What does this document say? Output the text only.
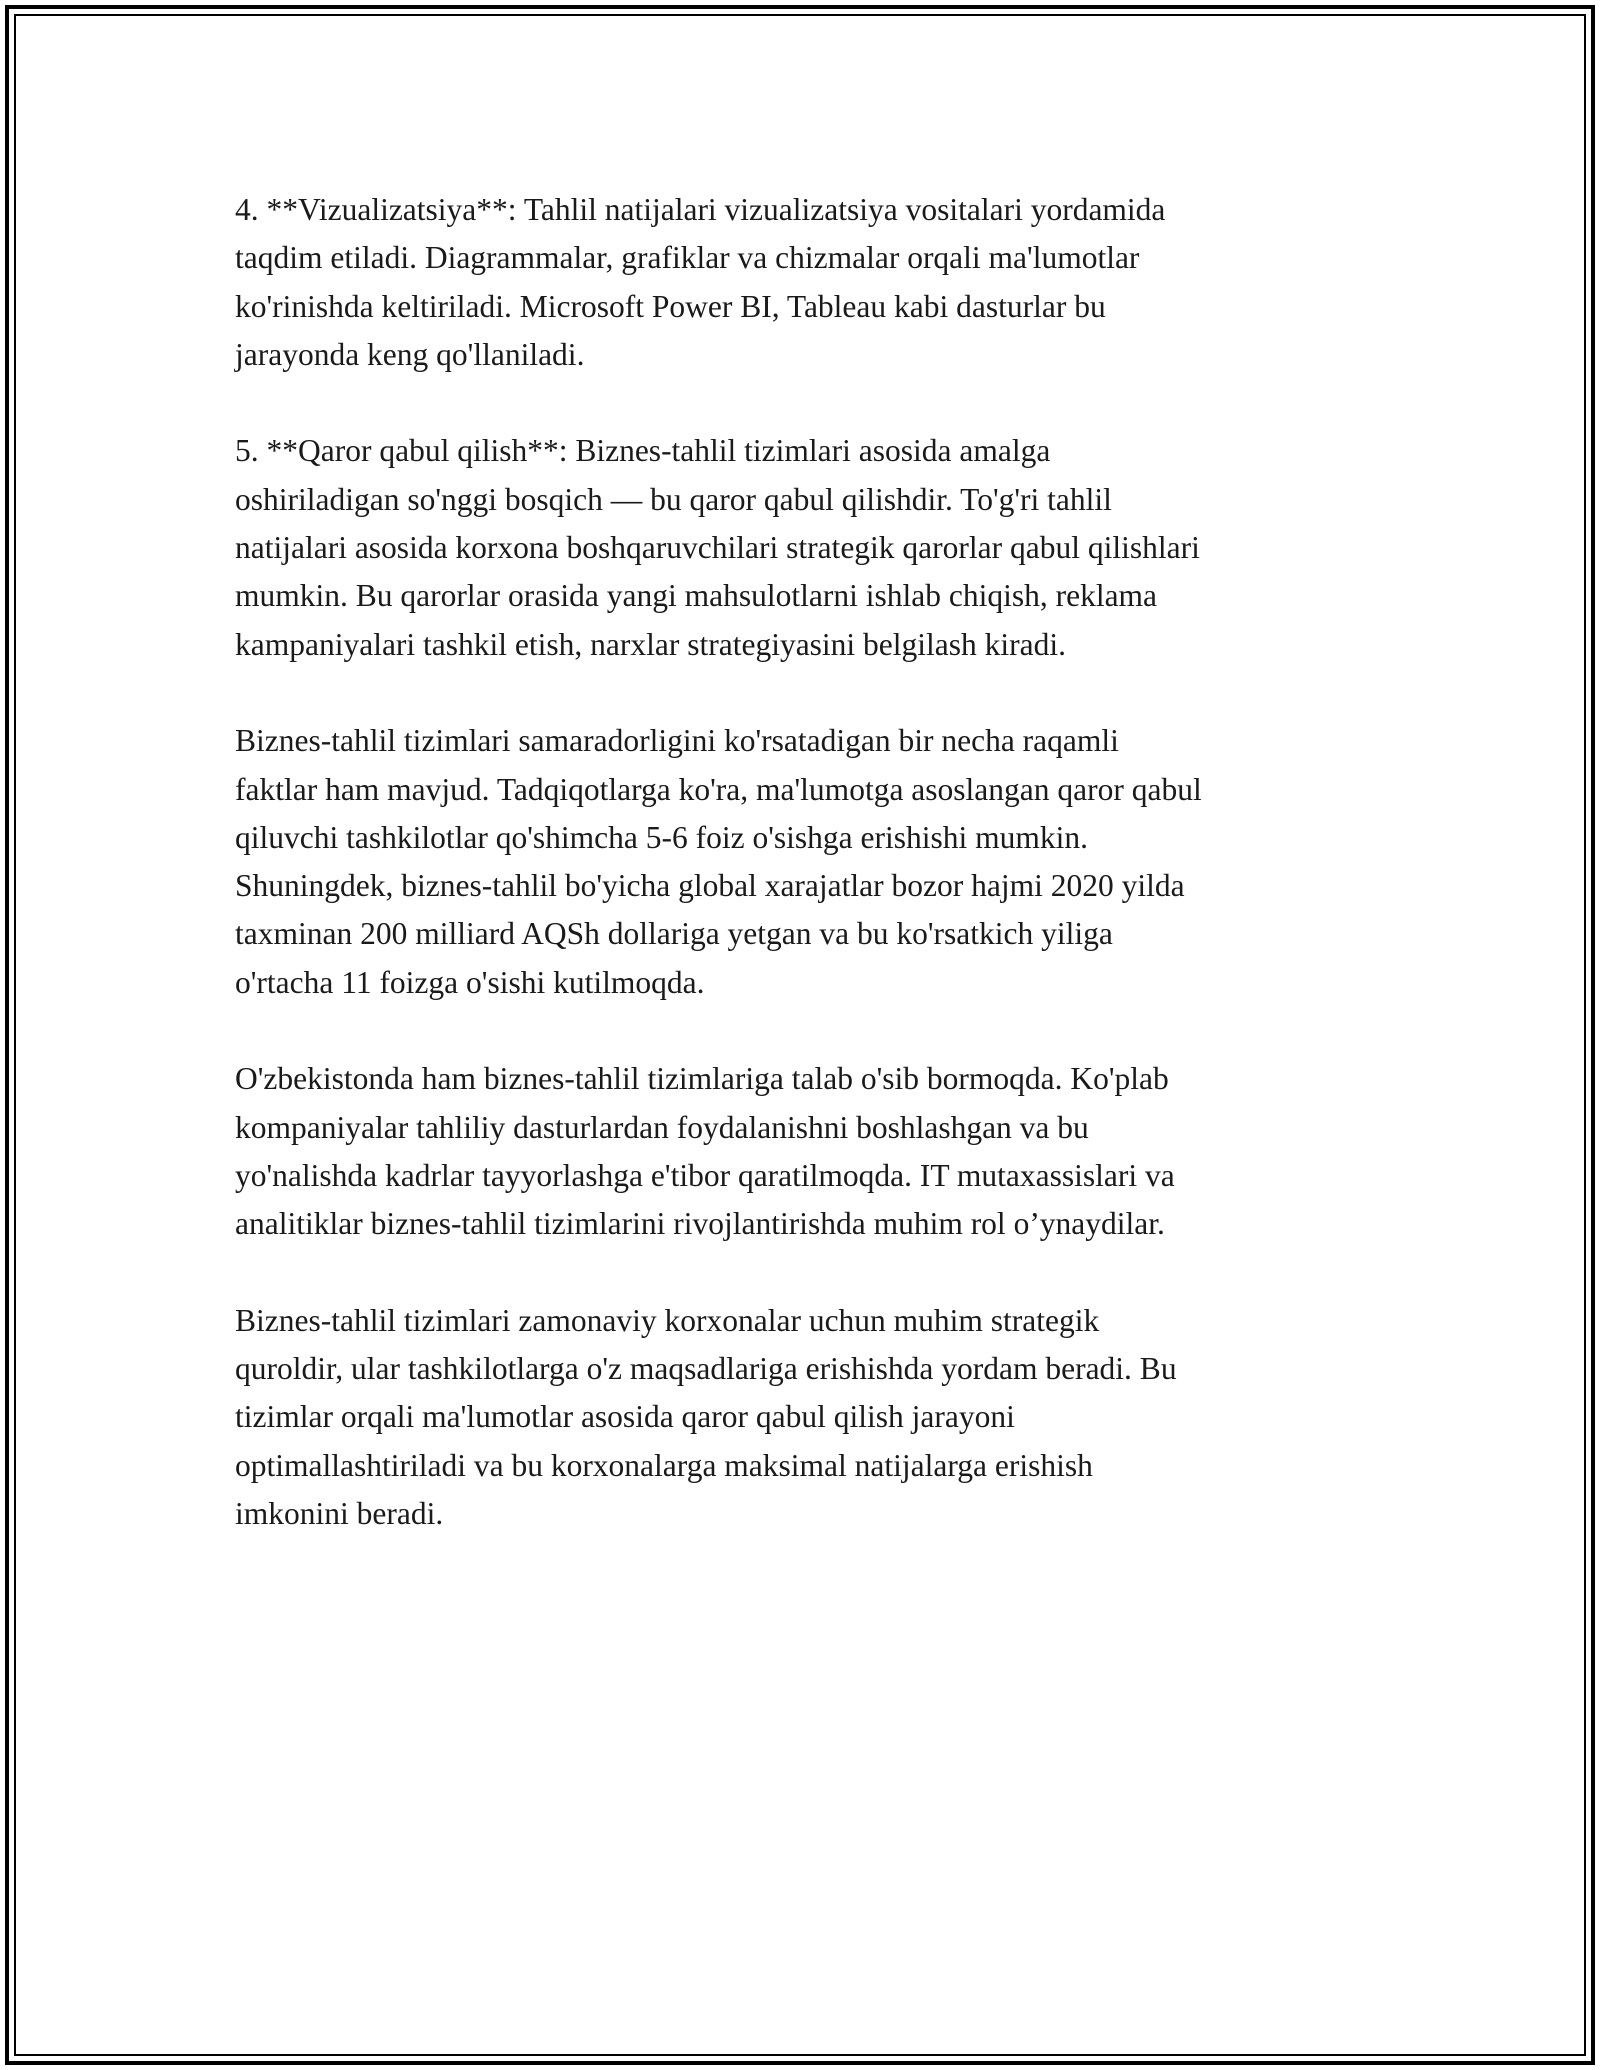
4. **Vizualizatsiya**: Tahlil natijalari vizualizatsiya vositalari yordamida
taqdim etiladi. Diagrammalar, grafiklar va chizmalar orqali ma'lumotlar
ko'rinishda keltiriladi. Microsoft Power BI, Tableau kabi dasturlar bu
jarayonda keng qo'llaniladi.

5. **Qaror qabul qilish**: Biznes-tahlil tizimlari asosida amalga
oshiriladigan so'nggi bosqich — bu qaror qabul qilishdir. To'g'ri tahlil
natijalari asosida korxona boshqaruvchilari strategik qarorlar qabul qilishlari
mumkin. Bu qarorlar orasida yangi mahsulotlarni ishlab chiqish, reklama
kampaniyalari tashkil etish, narxlar strategiyasini belgilash kiradi.

Biznes-tahlil tizimlari samaradorligini ko'rsatadigan bir necha raqamli
faktlar ham mavjud. Tadqiqotlarga ko'ra, ma'lumotga asoslangan qaror qabul
qiluvchi tashkilotlar qo'shimcha 5-6 foiz o'sishga erishishi mumkin.
Shuningdek, biznes-tahlil bo'yicha global xarajatlar bozor hajmi 2020 yilda
taxminan 200 milliard AQSh dollariga yetgan va bu ko'rsatkich yiliga
o'rtacha 11 foizga o'sishi kutilmoqda.

O'zbekistonda ham biznes-tahlil tizimlariga talab o'sib bormoqda. Ko'plab
kompaniyalar tahliliy dasturlardan foydalanishni boshlashgan va bu
yo'nalishda kadrlar tayyorlashga e'tibor qaratilmoqda. IT mutaxassislari va
analitiklar biznes-tahlil tizimlarini rivojlantirishda muhim rol o’ynaydilar.

Biznes-tahlil tizimlari zamonaviy korxonalar uchun muhim strategik
quroldir, ular tashkilotlarga o'z maqsadlariga erishishda yordam beradi. Bu
tizimlar orqali ma'lumotlar asosida qaror qabul qilish jarayoni
optimallashtiriladi va bu korxonalarga maksimal natijalarga erishish
imkonini beradi.
